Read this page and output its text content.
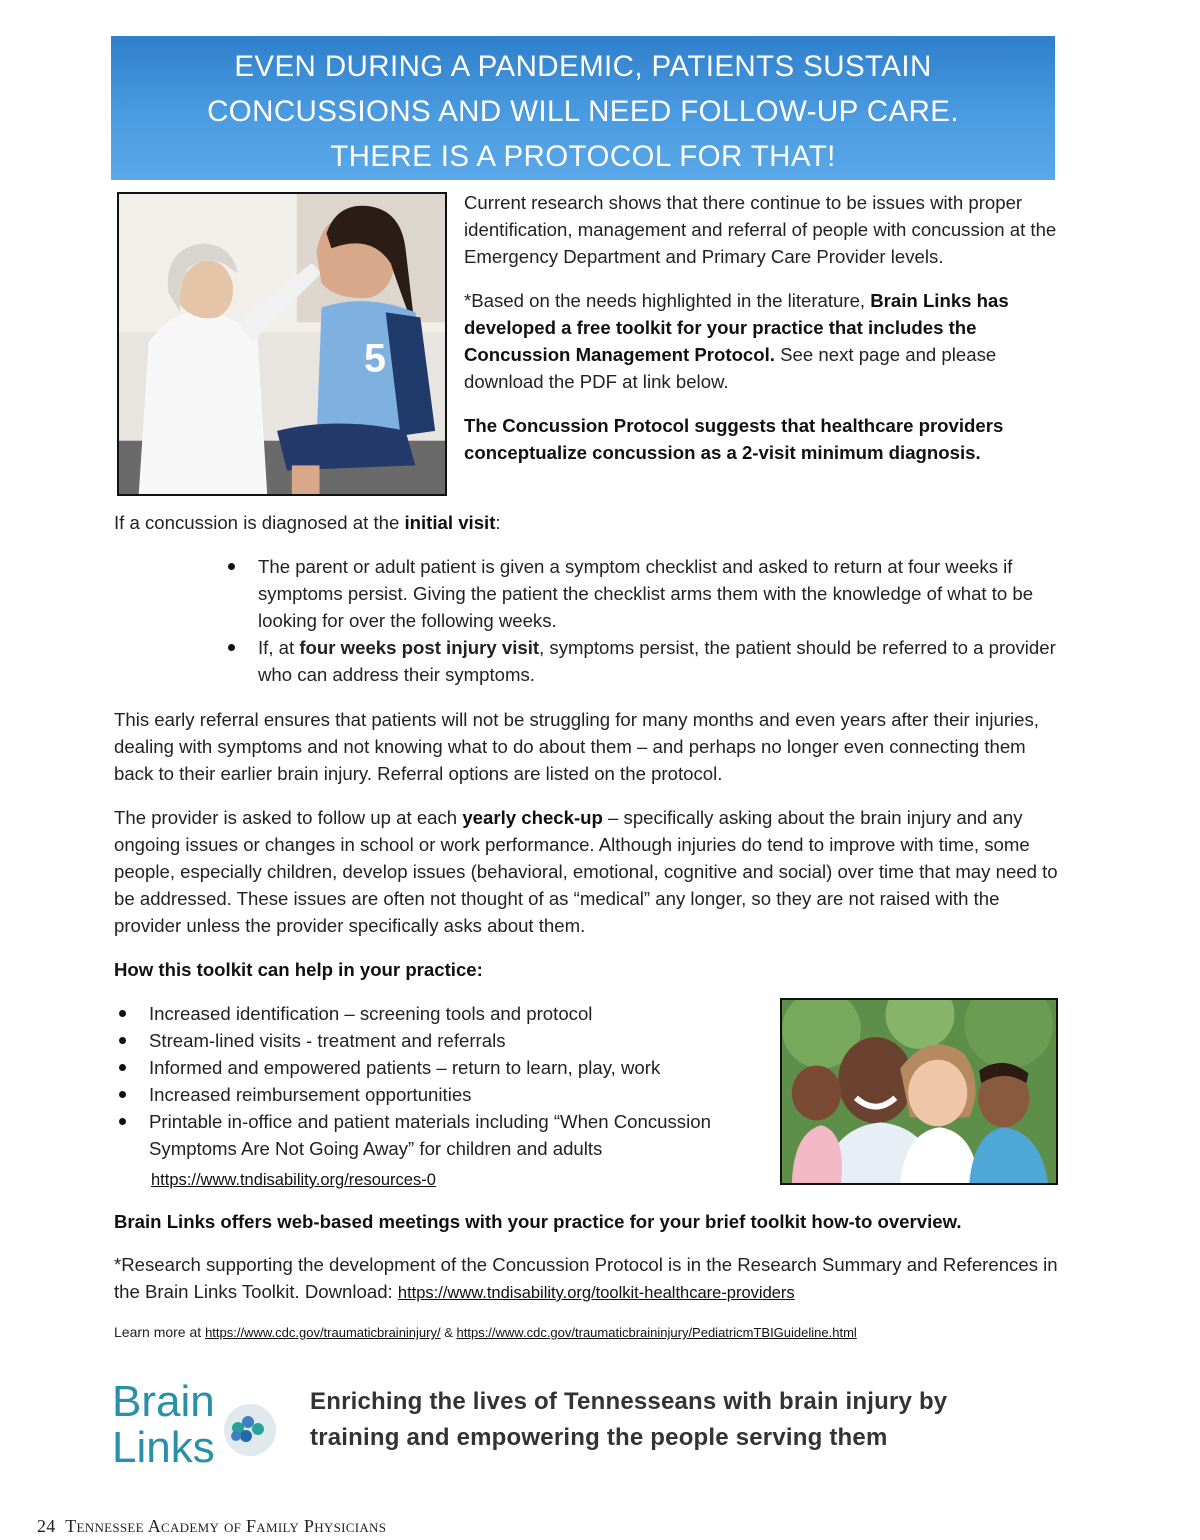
EVEN DURING A PANDEMIC, PATIENTS SUSTAIN
CONCUSSIONS AND WILL NEED FOLLOW-UP CARE.
THERE IS A PROTOCOL FOR THAT!
5

Current research shows that there continue to be issues with proper identification, management and referral of people with concussion at the Emergency Department and Primary Care Provider levels.

*Based on the needs highlighted in the literature, Brain Links has developed a free toolkit for your practice that includes the Concussion Management Protocol. See next page and please download the PDF at link below.

The Concussion Protocol suggests that healthcare providers conceptualize concussion as a 2-visit minimum diagnosis.

If a concussion is diagnosed at the initial visit:
The parent or adult patient is given a symptom checklist and asked to return at four weeks if symptoms persist. Giving the patient the checklist arms them with the knowledge of what to be looking for over the following weeks.
If, at four weeks post injury visit, symptoms persist, the patient should be referred to a provider who can address their symptoms.
This early referral ensures that patients will not be struggling for many months and even years after their injuries, dealing with symptoms and not knowing what to do about them – and perhaps no longer even connecting them back to their earlier brain injury. Referral options are listed on the protocol.
The provider is asked to follow up at each yearly check-up – specifically asking about the brain injury and any ongoing issues or changes in school or work performance. Although injuries do tend to improve with time, some people, especially children, develop issues (behavioral, emotional, cognitive and social) over time that may need to be addressed. These issues are often not thought of as “medical” any longer, so they are not raised with the provider unless the provider specifically asks about them.
How this toolkit can help in your practice:
Increased identification – screening tools and protocol
Stream-lined visits - treatment and referrals
Informed and empowered patients – return to learn, play, work
Increased reimbursement opportunities
Printable in-office and patient materials including “When Concussion Symptoms Are Not Going Away” for children and adults
https://www.tndisability.org/resources-0
Brain Links offers web-based meetings with your practice for your brief toolkit how-to overview.
*Research supporting the development of the Concussion Protocol is in the Research Summary and References in the Brain Links Toolkit. Download: https://www.tndisability.org/toolkit-healthcare-providers
Learn more at https://www.cdc.gov/traumaticbraininjury/ & https://www.cdc.gov/traumaticbraininjury/PediatricmTBIGuideline.html
Brain
Links
Enriching the lives of Tennesseans with brain injury by
training and empowering the people serving them
24 Tennessee Academy of Family Physicians
